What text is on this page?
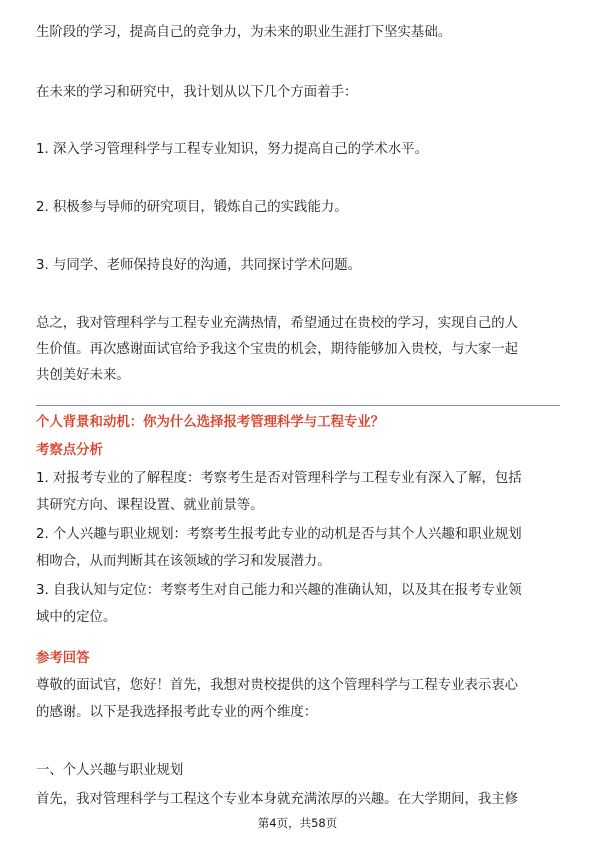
生阶段的学习，提高自己的竞争力，为未来的职业生涯打下坚实基础。
在未来的学习和研究中，我计划从以下几个方面着手：
1. 深入学习管理科学与工程专业知识，努力提高自己的学术水平。
2. 积极参与导师的研究项目，锻炼自己的实践能力。
3. 与同学、老师保持良好的沟通，共同探讨学术问题。
总之，我对管理科学与工程专业充满热情，希望通过在贵校的学习，实现自己的人
生价值。再次感谢面试官给予我这个宝贵的机会，期待能够加入贵校，与大家一起
共创美好未来。
个人背景和动机：你为什么选择报考管理科学与工程专业？
考察点分析
1. 对报考专业的了解程度：考察考生是否对管理科学与工程专业有深入了解，包括
其研究方向、课程设置、就业前景等。
2. 个人兴趣与职业规划：考察考生报考此专业的动机是否与其个人兴趣和职业规划
相吻合，从而判断其在该领域的学习和发展潜力。
3. 自我认知与定位：考察考生对自己能力和兴趣的准确认知，以及其在报考专业领
域中的定位。
参考回答
尊敬的面试官，您好！首先，我想对贵校提供的这个管理科学与工程专业表示衷心
的感谢。以下是我选择报考此专业的两个维度：
一、个人兴趣与职业规划
首先，我对管理科学与工程这个专业本身就充满浓厚的兴趣。在大学期间，我主修
第4页，共58页
